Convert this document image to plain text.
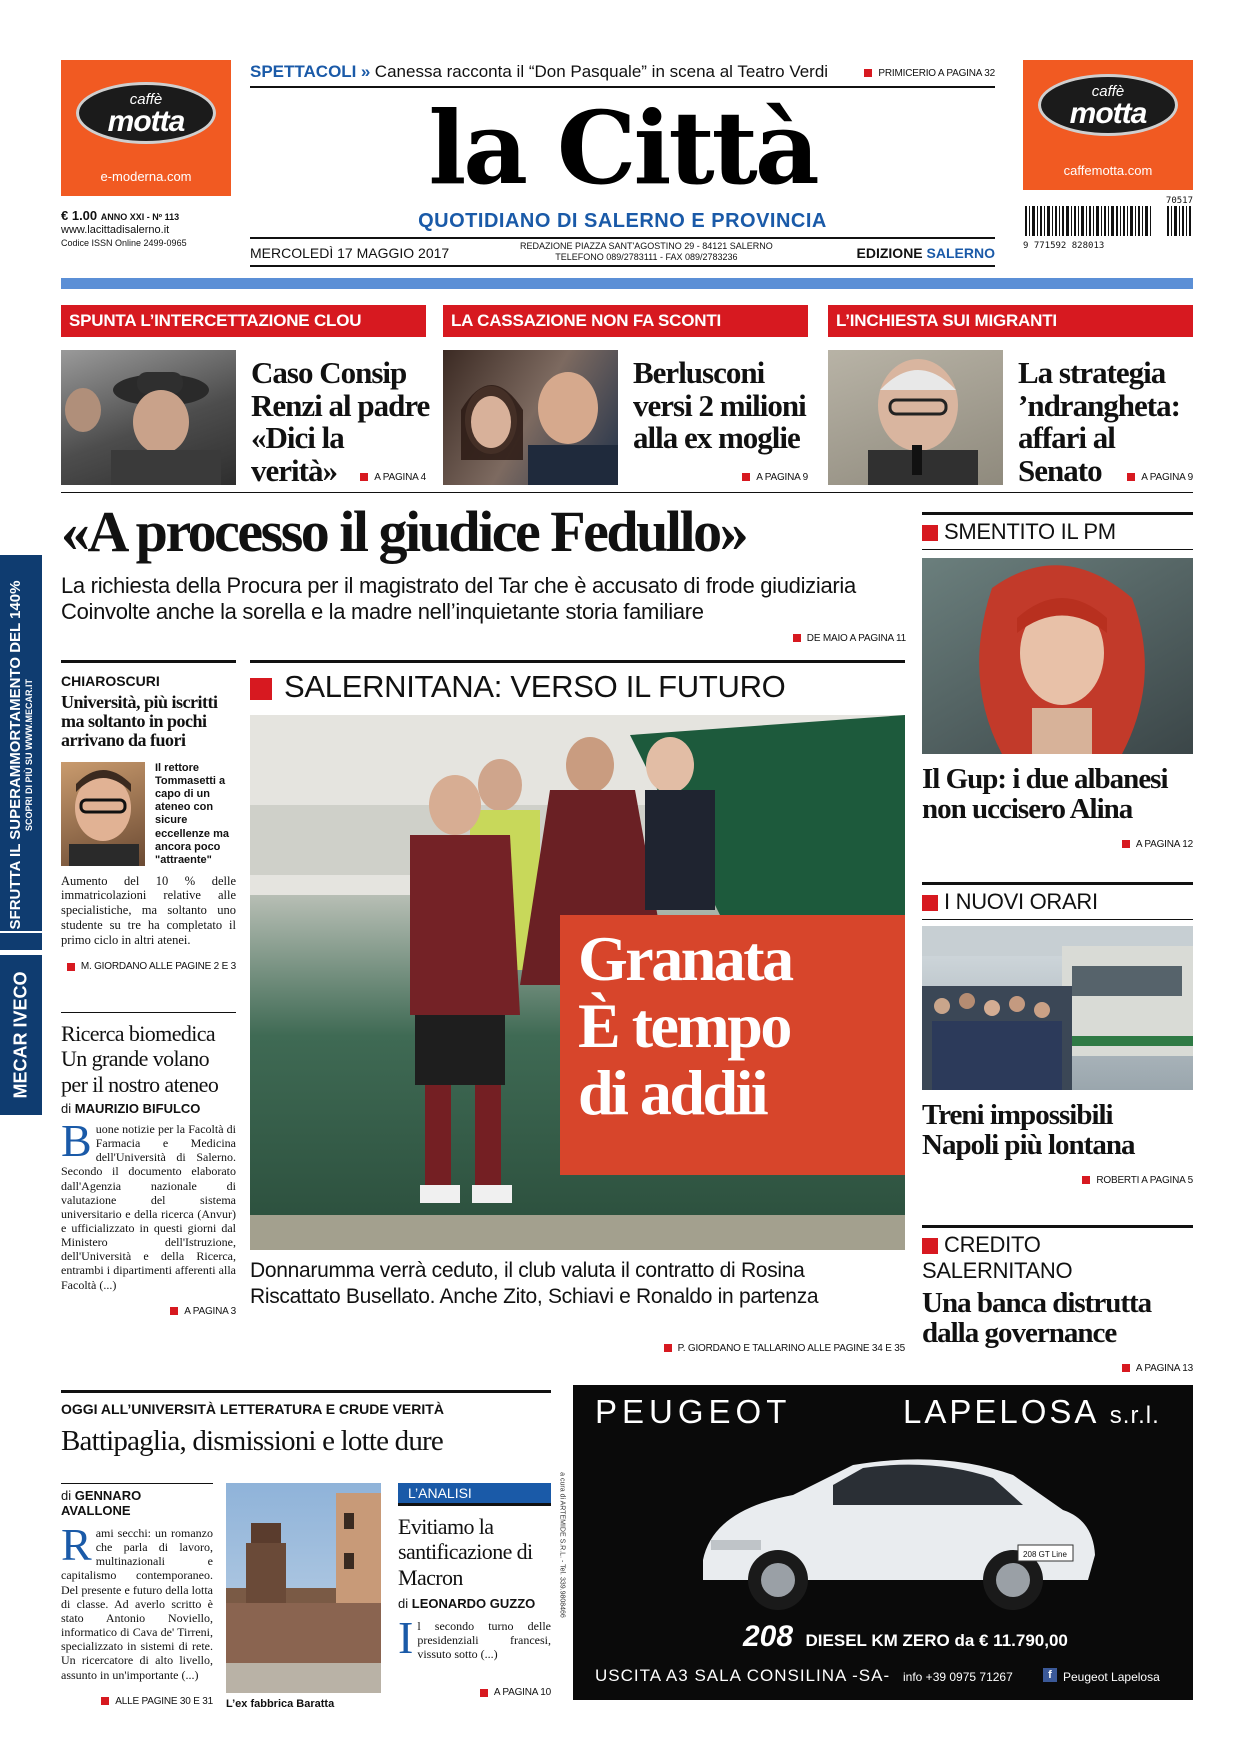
caffè
motta
e-moderna.com
€ 1.00 ANNO XXI - Nº 113
www.lacittadisalerno.it
Codice ISSN Online 2499-0965
SPETTACOLI » Canessa racconta il “Don Pasquale” in scena al Teatro Verdi	PRIMICERIO A PAGINA 32
la Città
QUOTIDIANO DI SALERNO E PROVINCIA
MERCOLEDÌ 17 MAGGIO 2017	REDAZIONE PIAZZA SANT'AGOSTINO 29 - 84121 SALERNO
TELEFONO 089/2783111 - FAX 089/2783236	EDIZIONE SALERNO
caffè
motta
caffemotta.com
70517
9 771592 828013
SPUNTA L’INTERCETTAZIONE CLOU
Caso Consip Renzi al padre «Dici la verità»	A PAGINA 4
LA CASSAZIONE NON FA SCONTI
Berlusconi versi 2 milioni alla ex moglie
A PAGINA 9
L’INCHIESTA SUI MIGRANTI
La strategia ’ndrangheta: affari al Senato	A PAGINA 9
«A processo il giudice Fedullo»
La richiesta della Procura per il magistrato del Tar che è accusato di frode giudiziaria
Coinvolte anche la sorella e la madre nell’inquietante storia familiare
DE MAIO A PAGINA 11
SFRUTTA IL SUPERAMMORTAMENTO DEL 140% SCOPRI DI PIÙ SU WWW.MECAR.IT
MECAR IVECO
CHIAROSCURI
Università, più iscritti ma soltanto in pochi arrivano da fuori
Il rettore Tommasetti a capo di un ateneo con sicure eccellenze ma ancora poco "attraente"
Aumento del 10 % delle immatricolazioni relative alle specialistiche, ma soltanto uno studente su tre ha completato il primo ciclo in altri atenei.
M. GIORDANO ALLE PAGINE 2 E 3
Ricerca biomedica Un grande volano per il nostro ateneo
di MAURIZIO BIFULCO
Buone notizie per la Facoltà di Farmacia e Medicina dell'Università di Salerno. Secondo il documento elaborato dall'Agenzia nazionale di valutazione del sistema universitario e della ricerca (Anvur) e ufficializzato in questi giorni dal Ministero dell'Istruzione, dell'Università e della Ricerca, entrambi i dipartimenti afferenti alla Facoltà (...)
A PAGINA 3
SALERNITANA: VERSO IL FUTURO
Granata
È tempo
di addii
Donnarumma verrà ceduto, il club valuta il contratto di Rosina
Riscattato Busellato. Anche Zito, Schiavi e Ronaldo in partenza
P. GIORDANO E TALLARINO ALLE PAGINE 34 E 35
SMENTITO IL PM
Il Gup: i due albanesi non uccisero Alina
A PAGINA 12
I NUOVI ORARI
Treni impossibili Napoli più lontana
ROBERTI A PAGINA 5
CREDITO SALERNITANO
Una banca distrutta dalla governance
A PAGINA 13
OGGI ALL’UNIVERSITÀ LETTERATURA E CRUDE VERITÀ
Battipaglia, dismissioni e lotte dure
di GENNARO AVALLONE
Rami secchi: un romanzo che parla di lavoro, multinazionali e capitalismo contemporaneo. Del presente e futuro della lotta di classe. Ad averlo scritto è stato Antonio Noviello, informatico di Cava de' Tirreni, specializzato in sistemi di rete. Un ricercatore di alto livello, assunto in un'importante (...)
ALLE PAGINE 30 E 31 L’ex fabbrica Baratta
L’ANALISI
Evitiamo la santificazione di Macron
di LEONARDO GUZZO
Il secondo turno delle presidenziali francesi, vissuto sotto (...)
A PAGINA 10
PEUGEOT	LAPELOSA s.r.l.
208 GT Line
208 DIESEL KM ZERO da € 11.790,00
USCITA A3 SALA CONSILINA -SA- info +39 0975 71267	f Peugeot Lapelosa
a cura di ARTEMIDE S.R.L. - Tel. 339.9808466
